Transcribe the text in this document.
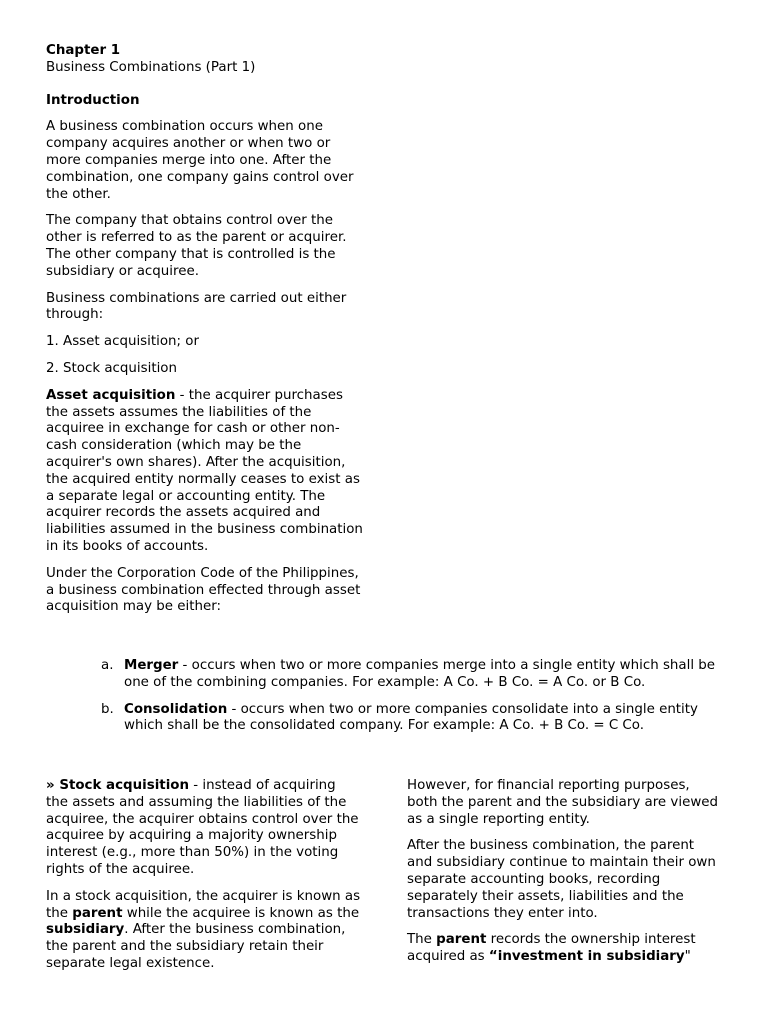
Chapter 1

Business Combinations (Part 1)

Introduction

A business combination occurs when one company acquires another or when two or more companies merge into one. After the combination, one company gains control over the other.

The company that obtains control over the other is referred to as the parent or acquirer. The other company that is controlled is the subsidiary or acquiree.

Business combinations are carried out either through:

1. Asset acquisition; or

2. Stock acquisition

Asset acquisition - the acquirer purchases the assets assumes the liabilities of the acquiree in exchange for cash or other non-cash consideration (which may be the acquirer's own shares). After the acquisition, the acquired entity normally ceases to exist as a separate legal or accounting entity. The acquirer records the assets acquired and liabilities assumed in the business combination in its books of accounts.

Under the Corporation Code of the Philippines, a business combination effected through asset acquisition may be either:

a. Merger - occurs when two or more companies merge into a single entity which shall be one of the combining companies. For example: A Co. + B Co. = A Co. or B Co.
b. Consolidation - occurs when two or more companies consolidate into a single entity which shall be the consolidated company. For example: A Co. + B Co. = C Co.

» Stock acquisition - instead of acquiring the assets and assuming the liabilities of the acquiree, the acquirer obtains control over the acquiree by acquiring a majority ownership interest (e.g., more than 50%) in the voting rights of the acquiree.

In a stock acquisition, the acquirer is known as the parent while the acquiree is known as the subsidiary. After the business combination, the parent and the subsidiary retain their separate legal existence.

However, for financial reporting purposes, both the parent and the subsidiary are viewed as a single reporting entity.

After the business combination, the parent and subsidiary continue to maintain their own separate accounting books, recording separately their assets, liabilities and the transactions they enter into.

The parent records the ownership interest acquired as “investment in subsidiary"
